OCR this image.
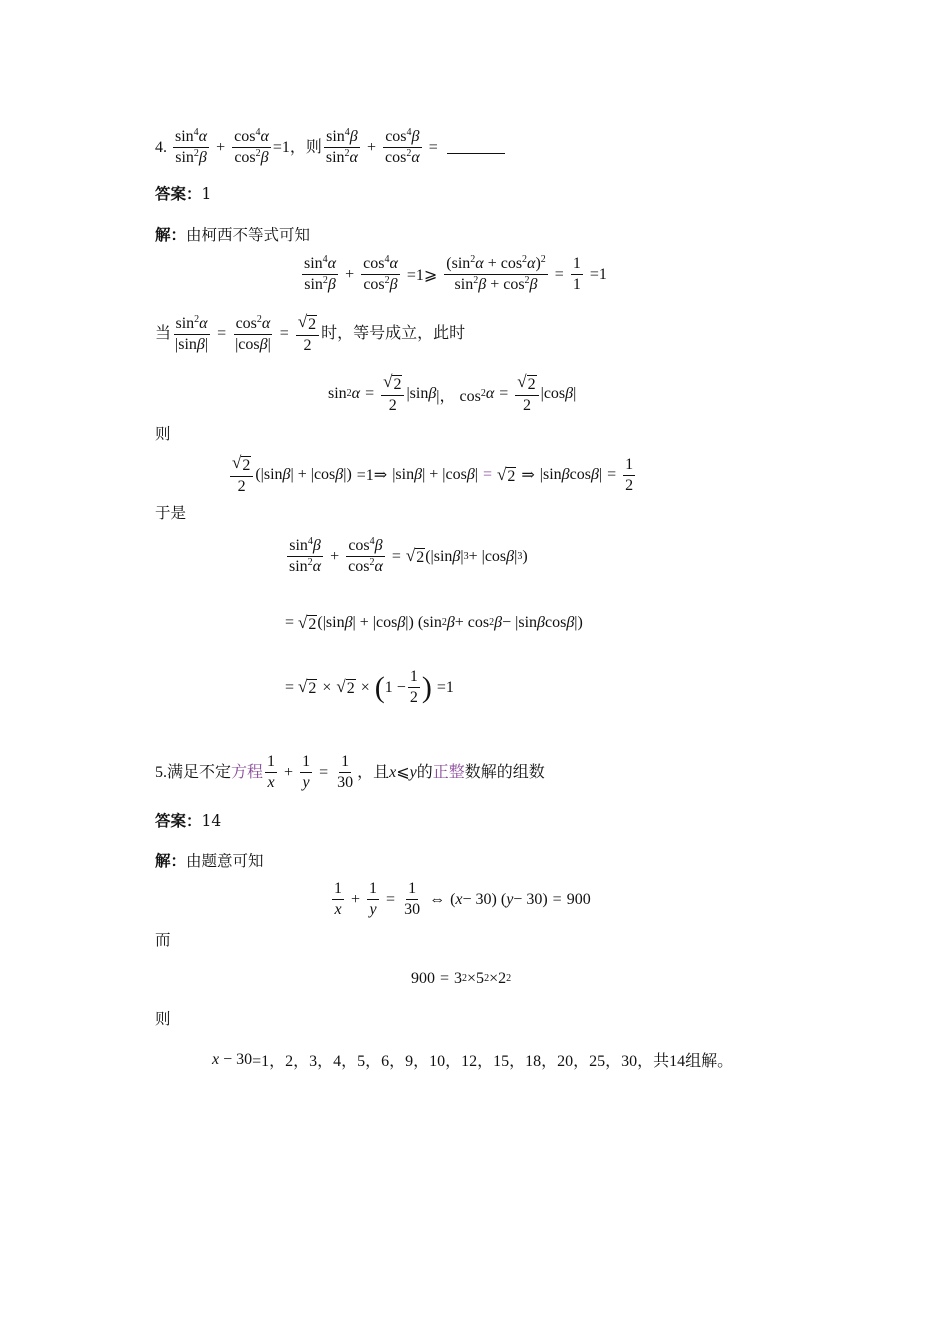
4.
$\frac{\sin^4\alpha}{\sin^2\beta} + \frac{\cos^4\alpha}{\cos^2\beta} =1$，则 $\frac{\sin^4\beta}{\sin^2\alpha} + \frac{\cos^4\beta}{\cos^2\alpha}$ =
答案：1
解：由柯西不等式可知
$\frac{\sin^4\alpha}{\sin^2\beta} + \frac{\cos^4\alpha}{\cos^2\beta}$ =1⩾ $\frac{(\sin^2\alpha + \cos^2\alpha)^2}{\sin^2\beta + \cos^2\beta} = \frac{1}{1} =1$
当 $\frac{\sin^2\alpha}{|\sin\beta|} = \frac{\cos^2\alpha}{|\cos\beta|} = \frac{√ 2}{2}$ 时，等号成立，此时
sin 2 $\alpha = \frac{√ 2}{2} |\sin$ β |， cos 2 $\alpha = \frac{√ 2}{2} |\cos$ β |
则
$\frac{√ 2}{2} (|\sin$ β | + |cos β |) =1⇒ |sin β | + |cos β | = √ 2 ⇒ |sin β cos β | = $\frac{1}{2}$
于是
$\frac{\sin^4\beta}{\sin^2\alpha} + \frac{\cos^4\beta}{\cos^2\alpha}$ = √ 2 (|sin β | 3 + |cos β | 3 )
= √ 2 (|sin β | + |cos β |) (sin 2 β + cos 2 β − |sin β cos β |)
= √ 2 × √ 2 × ( $1 - \frac{1}{2}$ ) =1
5. 满足不定 方程 $\frac{1}{x} + \frac{1}{y} = \frac{1}{30}$ ，且 x ⩽ y 的 正整 数解的组数
答案：14
解：由题意可知
$\frac{1}{x} + \frac{1}{y} = \frac{1}{30}$ ⇔ ( x − 30) ( y − 30) = 900
而
900 = 3 2 ×5 2 ×2 2
则
x − 30 =1，2，3，4，5，6，9，10，12，15，18，20，25，30，共14组解。
